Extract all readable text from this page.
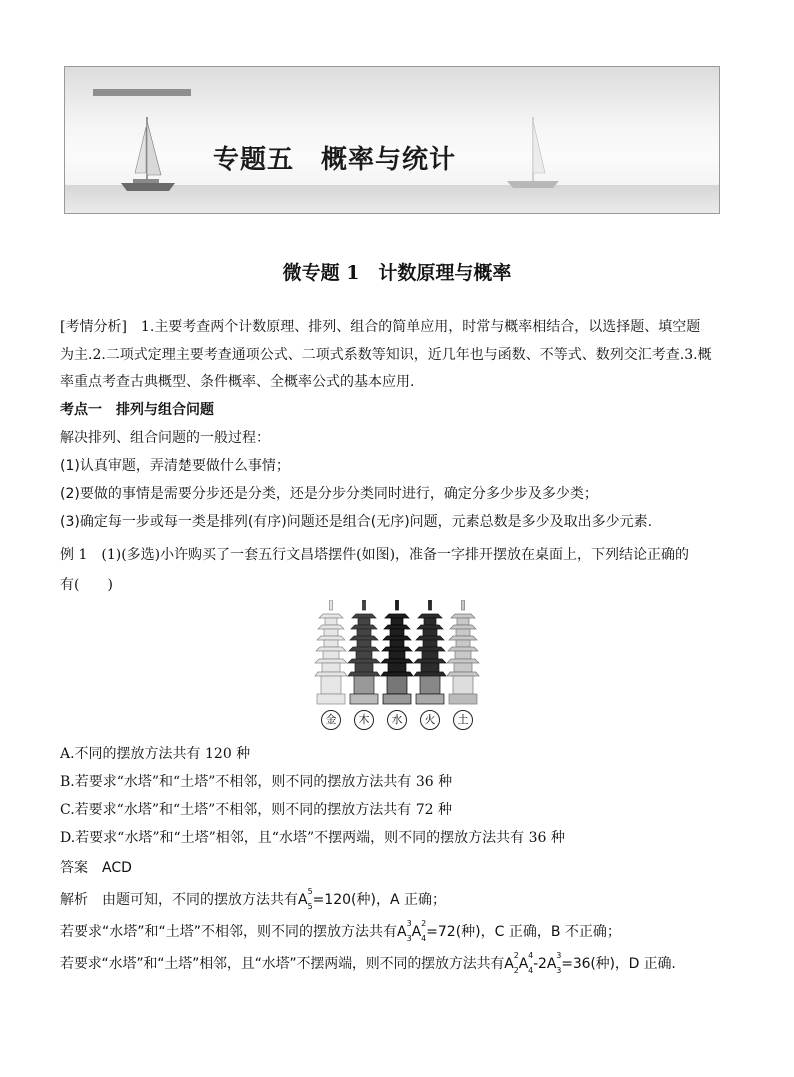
专题五　概率与统计
微专题 1　计数原理与概率
[考情分析]　1.主要考查两个计数原理、排列、组合的简单应用，时常与概率相结合，以选择题、填空题
为主.2.二项式定理主要考查通项公式、二项式系数等知识，近几年也与函数、不等式、数列交汇考查.3.概
率重点考查古典概型、条件概率、全概率公式的基本应用.
考点一　排列与组合问题
解决排列、组合问题的一般过程：
(1)认真审题，弄清楚要做什么事情；
(2)要做的事情是需要分步还是分类，还是分步分类同时进行，确定分多少步及多少类；
(3)确定每一步或每一类是排列(有序)问题还是组合(无序)问题，元素总数是多少及取出多少元素.
例 1　(1)(多选)小许购买了一套五行文昌塔摆件(如图)，准备一字排开摆放在桌面上，下列结论正确的
有(　　)
金	木	水	火	土
A.不同的摆放方法共有 120 种
B.若要求“水塔”和“土塔”不相邻，则不同的摆放方法共有 36 种
C.若要求“水塔”和“土塔”不相邻，则不同的摆放方法共有 72 种
D.若要求“水塔”和“土塔”相邻，且“水塔”不摆两端，则不同的摆放方法共有 36 种
答案　 ACD
解析　 由题可知，不同的摆放方法共有A
5
5 =120(种)，A 正确；
若要求“水塔”和“土塔”不相邻，则不同的摆放方法共有A
3
3 A
2
4 =72(种)，C 正确，B 不正确；
若要求“水塔”和“土塔”相邻，且“水塔”不摆两端，则不同的摆放方法共有A
2
2 A
4
4 -2A
3
3 =36(种)，D 正确.
